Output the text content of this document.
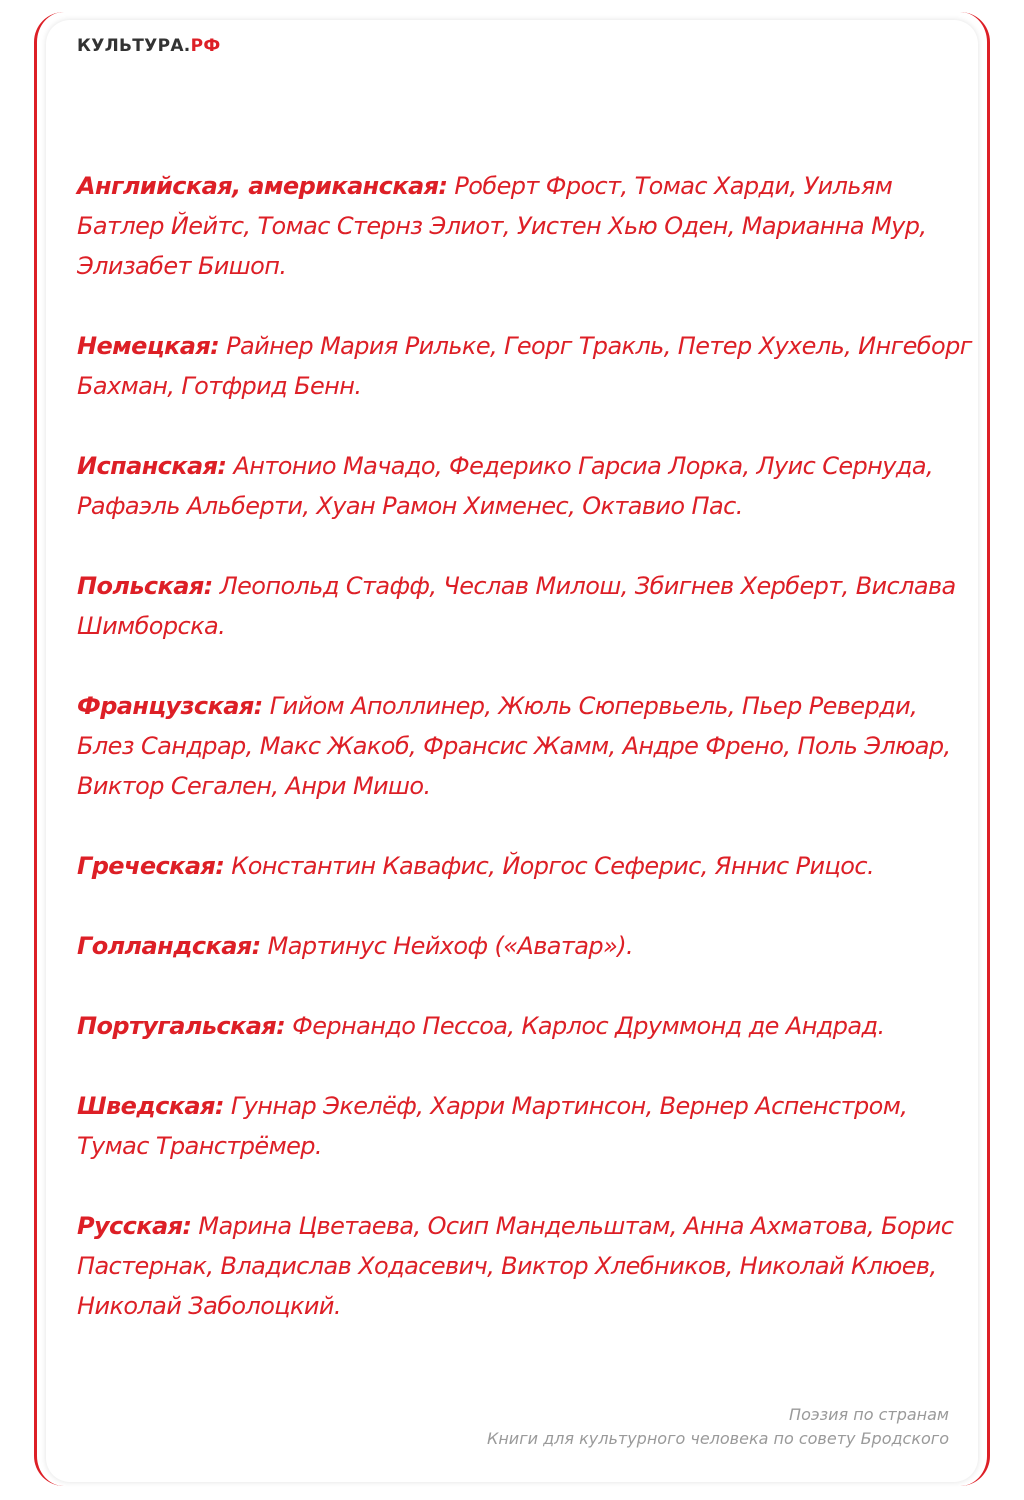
КУЛЬТУРА.РФ

Английская, американская: Роберт Фрост, Томас Харди, Уильям Батлер Йейтс, Томас Стернз Элиот, Уистен Хью Оден, Марианна Мур, Элизабет Бишоп.

Немецкая: Райнер Мария Рильке, Георг Тракль, Петер Хухель, Ингеборг Бахман, Готфрид Бенн.

Испанская: Антонио Мачадо, Федерико Гарсиа Лорка, Луис Сернуда, Рафаэль Альберти, Хуан Рамон Хименес, Октавио Пас.

Польская: Леопольд Стафф, Чеслав Милош, Збигнев Херберт, Вислава Шимборска.

Французская: Гийом Аполлинер, Жюль Сюпервьель, Пьер Реверди, Блез Сандрар, Макс Жакоб, Франсис Жамм, Андре Френо, Поль Элюар, Виктор Сегален, Анри Мишо.

Греческая: Константин Кавафис, Йоргос Сеферис, Яннис Рицос.

Голландская: Мартинус Нейхоф («Аватар»).

Португальская: Фернандо Пессоа, Карлос Друммонд де Андрад.

Шведская: Гуннар Экелёф, Харри Мартинсон, Вернер Аспенстром, Тумас Транстрёмер.

Русская: Марина Цветаева, Осип Мандельштам, Анна Ахматова, Борис Пастернак, Владислав Ходасевич, Виктор Хлебников, Николай Клюев, Николай Заболоцкий.

Поэзия по странам
Книги для культурного человека по совету Бродского
